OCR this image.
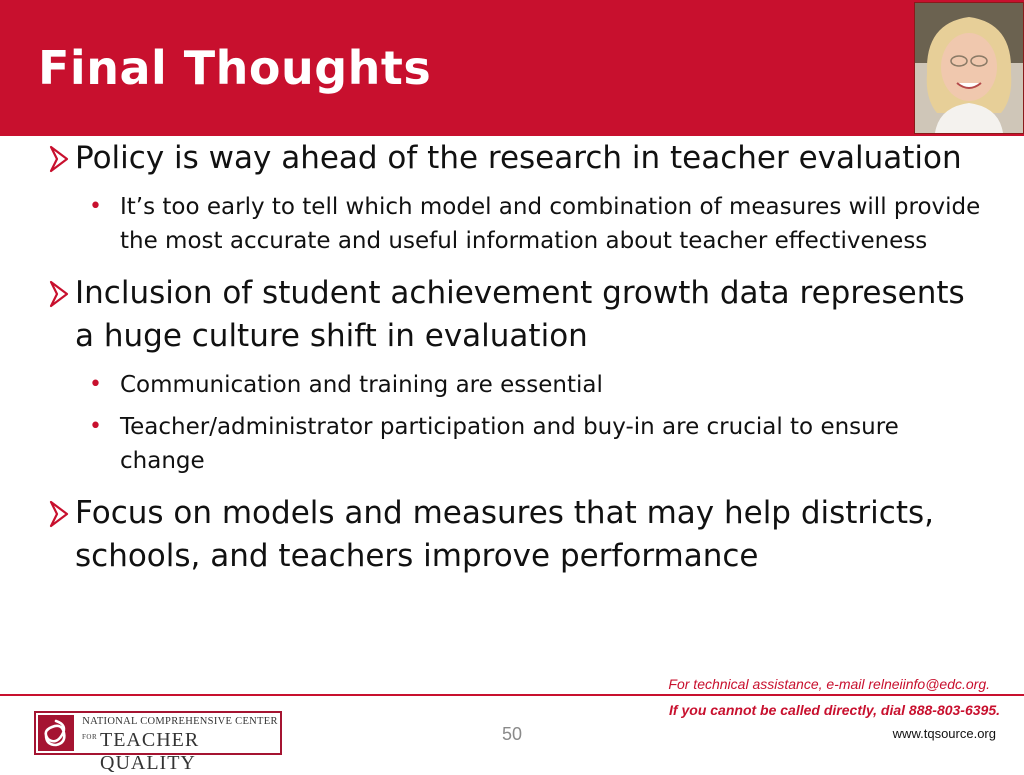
Final Thoughts
Policy is way ahead of the research in teacher evaluation
• It’s too early to tell which model and combination of measures will provide the most accurate and useful information about teacher effectiveness
Inclusion of student achievement growth data represents a huge culture shift in evaluation
• Communication and training are essential
• Teacher/administrator participation and buy-in are crucial to ensure change
Focus on models and measures that may help districts, schools, and teachers improve performance
For technical assistance, e-mail relneiinfo@edc.org.
If you cannot be called directly, dial 888-803-6395.
www.tqsource.org
50
NATIONAL COMPREHENSIVE CENTER
FOR TEACHER QUALITY
